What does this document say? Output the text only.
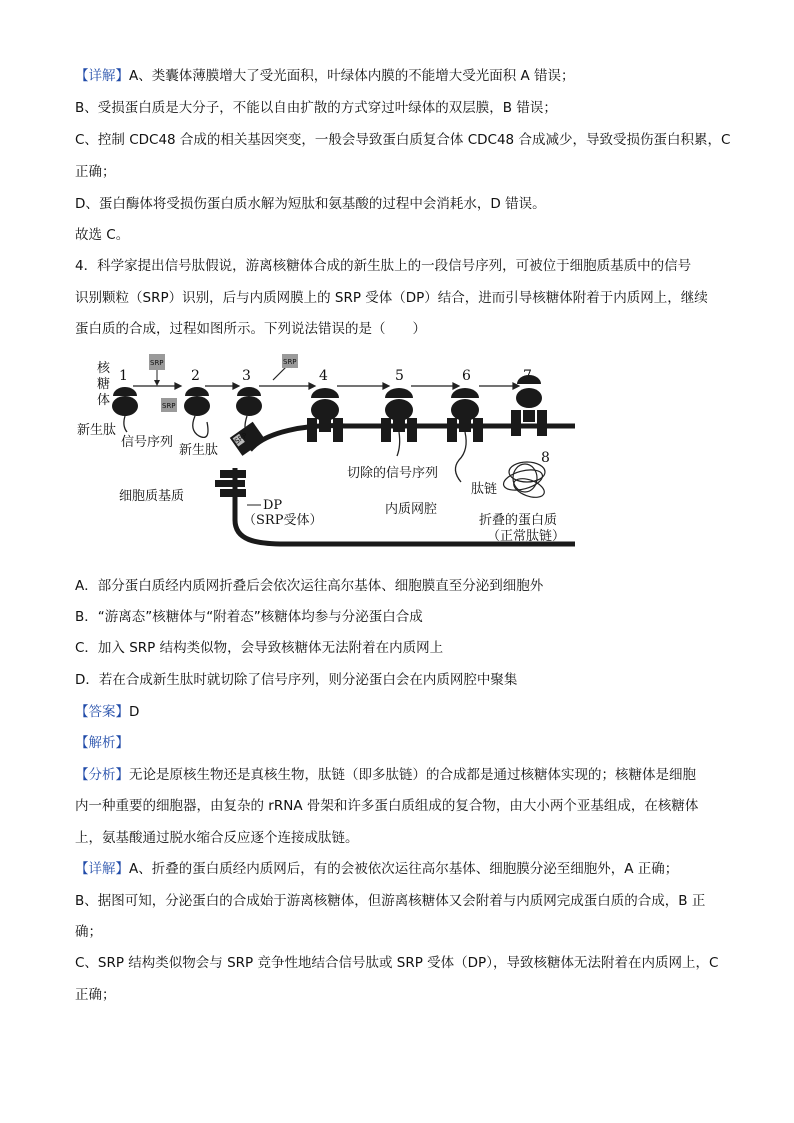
【详解】A、类囊体薄膜增大了受光面积，叶绿体内膜的不能增大受光面积 A 错误；
B、受损蛋白质是大分子，不能以自由扩散的方式穿过叶绿体的双层膜，B 错误；
C、控制 CDC48 合成的相关基因突变，一般会导致蛋白质复合体 CDC48 合成减少，导致受损伤蛋白积累，C
正确；
D、蛋白酶体将受损伤蛋白质水解为短肽和氨基酸的过程中会消耗水，D 错误。
故选 C。
4．科学家提出信号肽假说，游离核糖体合成的新生肽上的一段信号序列，可被位于细胞质基质中的信号
识别颗粒（SRP）识别，后与内质网膜上的 SRP 受体（DP）结合，进而引导核糖体附着于内质网上，继续
蛋白质的合成，过程如图所示。下列说法错误的是（　　）
核
糖
体
1	2	3	4	5	6
8
SRP	SRP
SRP
SRP
新生肽
信号序列
新生肽
细胞质基质
DP
（SRP受体）
切除的信号序列
肽链
内质网腔
折叠的蛋白质
（正常肽链）
A．部分蛋白质经内质网折叠后会依次运往高尔基体、细胞膜直至分泌到细胞外
B．“游离态”核糖体与“附着态”核糖体均参与分泌蛋白合成
C．加入 SRP 结构类似物，会导致核糖体无法附着在内质网上
D．若在合成新生肽时就切除了信号序列，则分泌蛋白会在内质网腔中聚集
【答案】D
【解析】
【分析】无论是原核生物还是真核生物，肽链（即多肽链）的合成都是通过核糖体实现的；核糖体是细胞
内一种重要的细胞器，由复杂的 rRNA 骨架和许多蛋白质组成的复合物，由大小两个亚基组成，在核糖体
上，氨基酸通过脱水缩合反应逐个连接成肽链。
【详解】A、折叠的蛋白质经内质网后，有的会被依次运往高尔基体、细胞膜分泌至细胞外，A 正确；
B、据图可知，分泌蛋白的合成始于游离核糖体，但游离核糖体又会附着与内质网完成蛋白质的合成，B 正
确；
C、SRP 结构类似物会与 SRP 竞争性地结合信号肽或 SRP 受体（DP），导致核糖体无法附着在内质网上，C
正确；
